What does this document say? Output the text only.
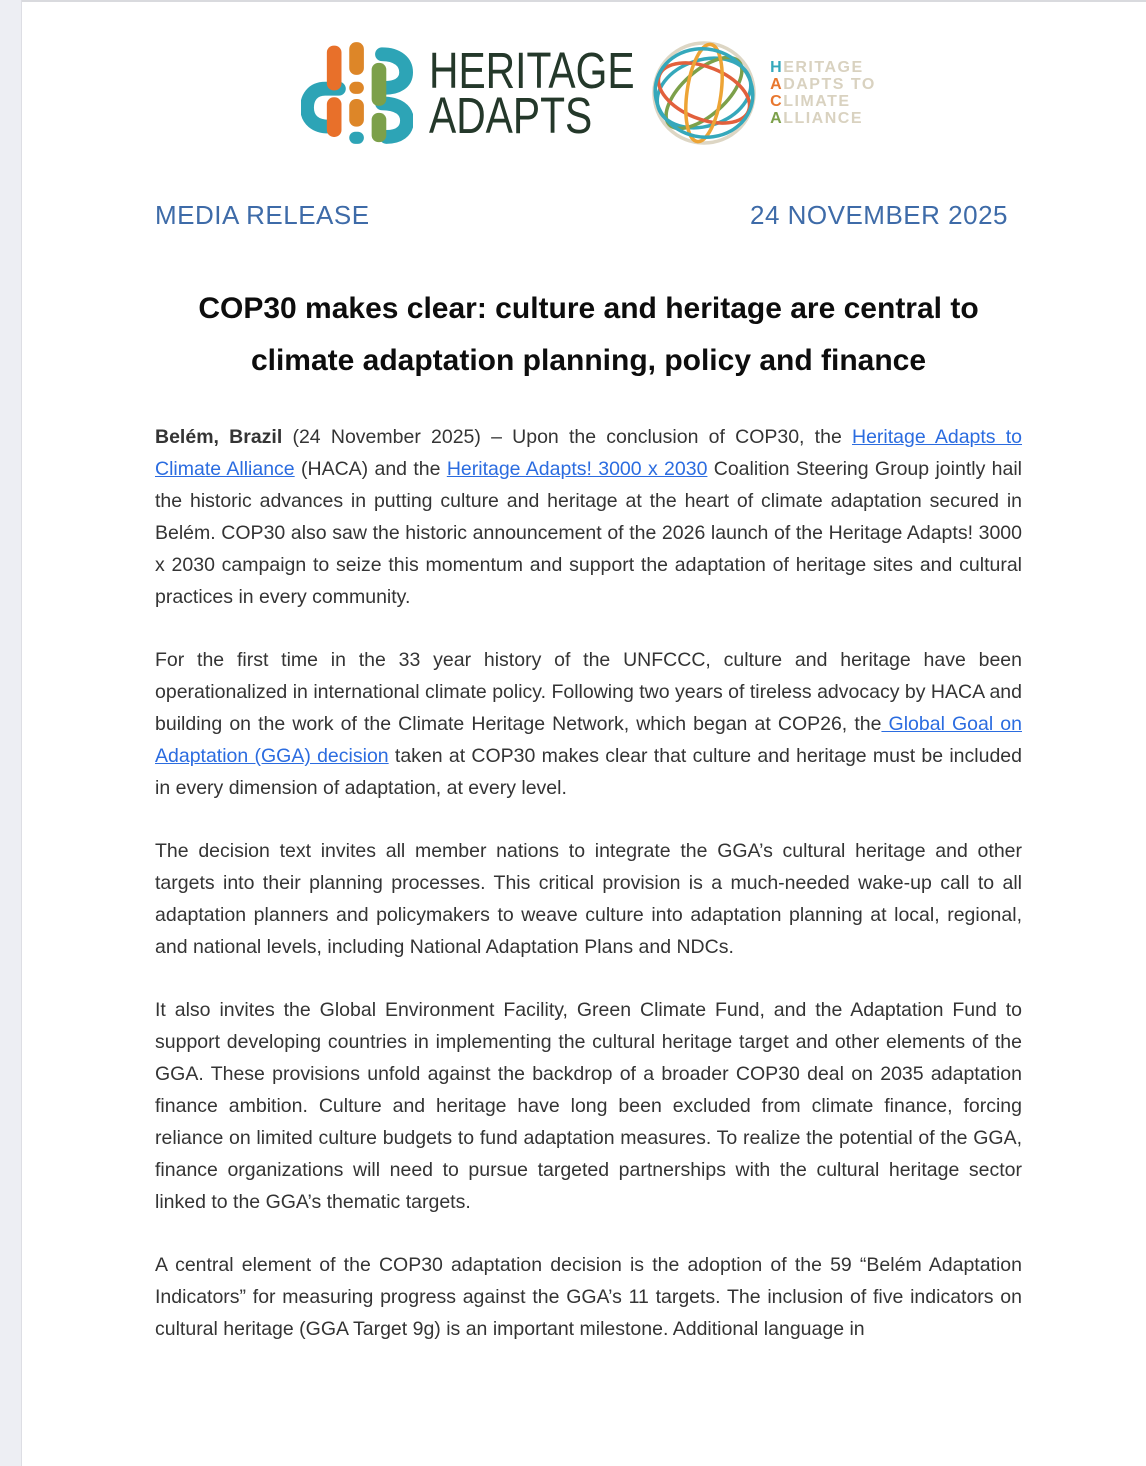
HERITAGE
ADAPTS
HERITAGE
ADAPTS TO
CLIMATE
ALLIANCE
MEDIA RELEASE	24 NOVEMBER 2025
COP30 makes clear: culture and heritage are central to climate adaptation planning, policy and finance

Belém, Brazil (24 November 2025) – Upon the conclusion of COP30, the Heritage Adapts to Climate Alliance (HACA) and the Heritage Adapts! 3000 x 2030 Coalition Steering Group jointly hail the historic advances in putting culture and heritage at the heart of climate adaptation secured in Belém. COP30 also saw the historic announcement of the 2026 launch of the Heritage Adapts! 3000 x 2030 campaign to seize this momentum and support the adaptation of heritage sites and cultural practices in every community.

For the first time in the 33 year history of the UNFCCC, culture and heritage have been operationalized in international climate policy. Following two years of tireless advocacy by HACA and building on the work of the Climate Heritage Network, which began at COP26, the Global Goal on Adaptation (GGA) decision taken at COP30 makes clear that culture and heritage must be included in every dimension of adaptation, at every level.

The decision text invites all member nations to integrate the GGA’s cultural heritage and other targets into their planning processes. This critical provision is a much-needed wake-up call to all adaptation planners and policymakers to weave culture into adaptation planning at local, regional, and national levels, including National Adaptation Plans and NDCs.

It also invites the Global Environment Facility, Green Climate Fund, and the Adaptation Fund to support developing countries in implementing the cultural heritage target and other elements of the GGA. These provisions unfold against the backdrop of a broader COP30 deal on 2035 adaptation finance ambition. Culture and heritage have long been excluded from climate finance, forcing reliance on limited culture budgets to fund adaptation measures. To realize the potential of the GGA, finance organizations will need to pursue targeted partnerships with the cultural heritage sector linked to the GGA’s thematic targets.

A central element of the COP30 adaptation decision is the adoption of the 59 “Belém Adaptation Indicators” for measuring progress against the GGA’s 11 targets. The inclusion of five indicators on cultural heritage (GGA Target 9g) is an important milestone. Additional language in
